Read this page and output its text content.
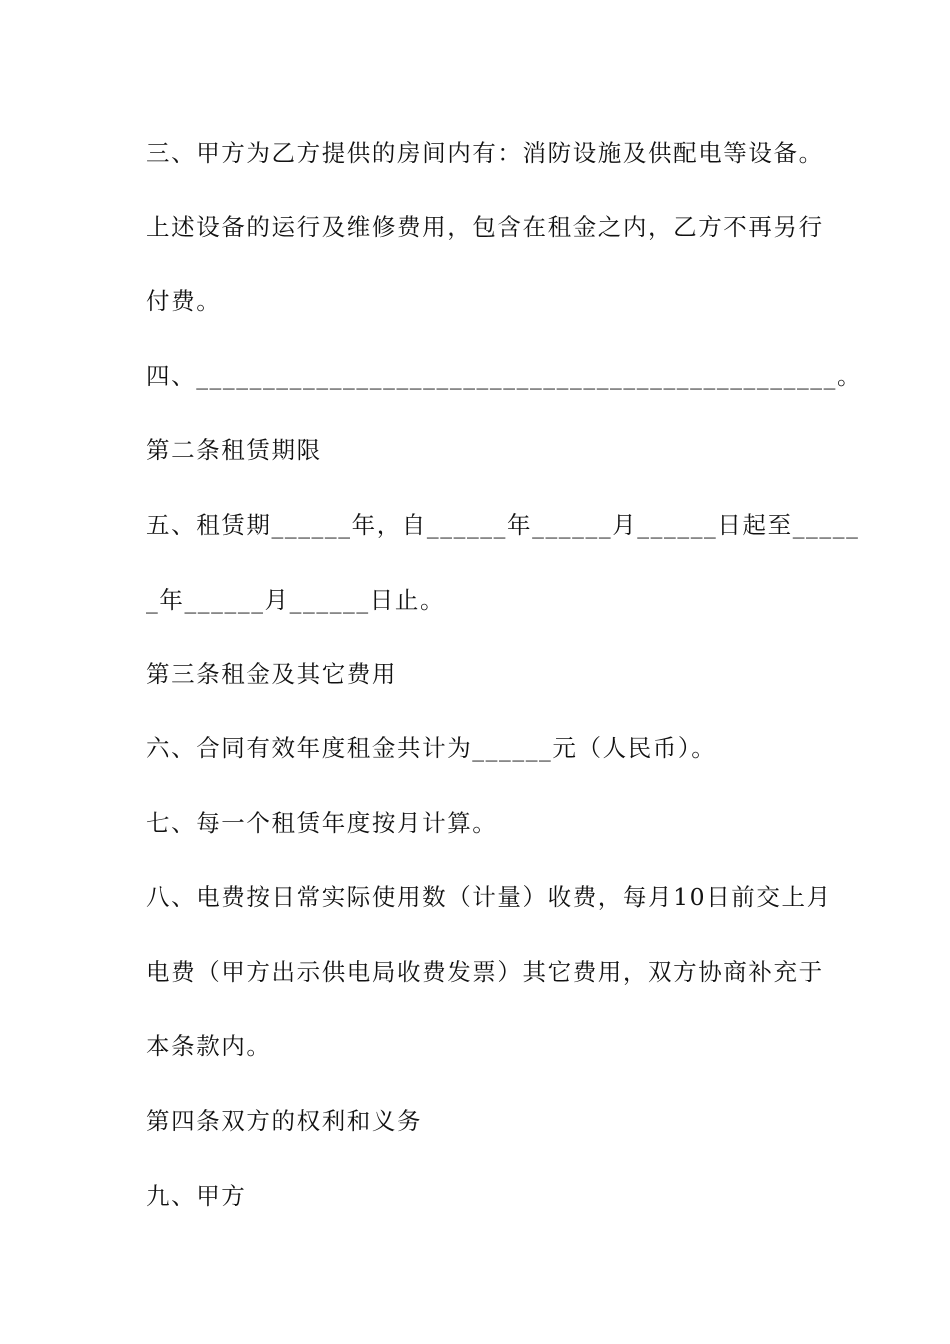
三、甲方为乙方提供的房间内有：消防设施及供配电等设备。
上述设备的运行及维修费用，包含在租金之内，乙方不再另行
付费。
四、________________________________________________。
第二条租赁期限
五、租赁期______年，自______年______月______日起至_____
_年______月______日止。
第三条租金及其它费用
六、合同有效年度租金共计为______元（人民币）。
七、每一个租赁年度按月计算。
八、电费按日常实际使用数（计量）收费，每月10日前交上月
电费（甲方出示供电局收费发票）其它费用，双方协商补充于
本条款内。
第四条双方的权利和义务
九、甲方
